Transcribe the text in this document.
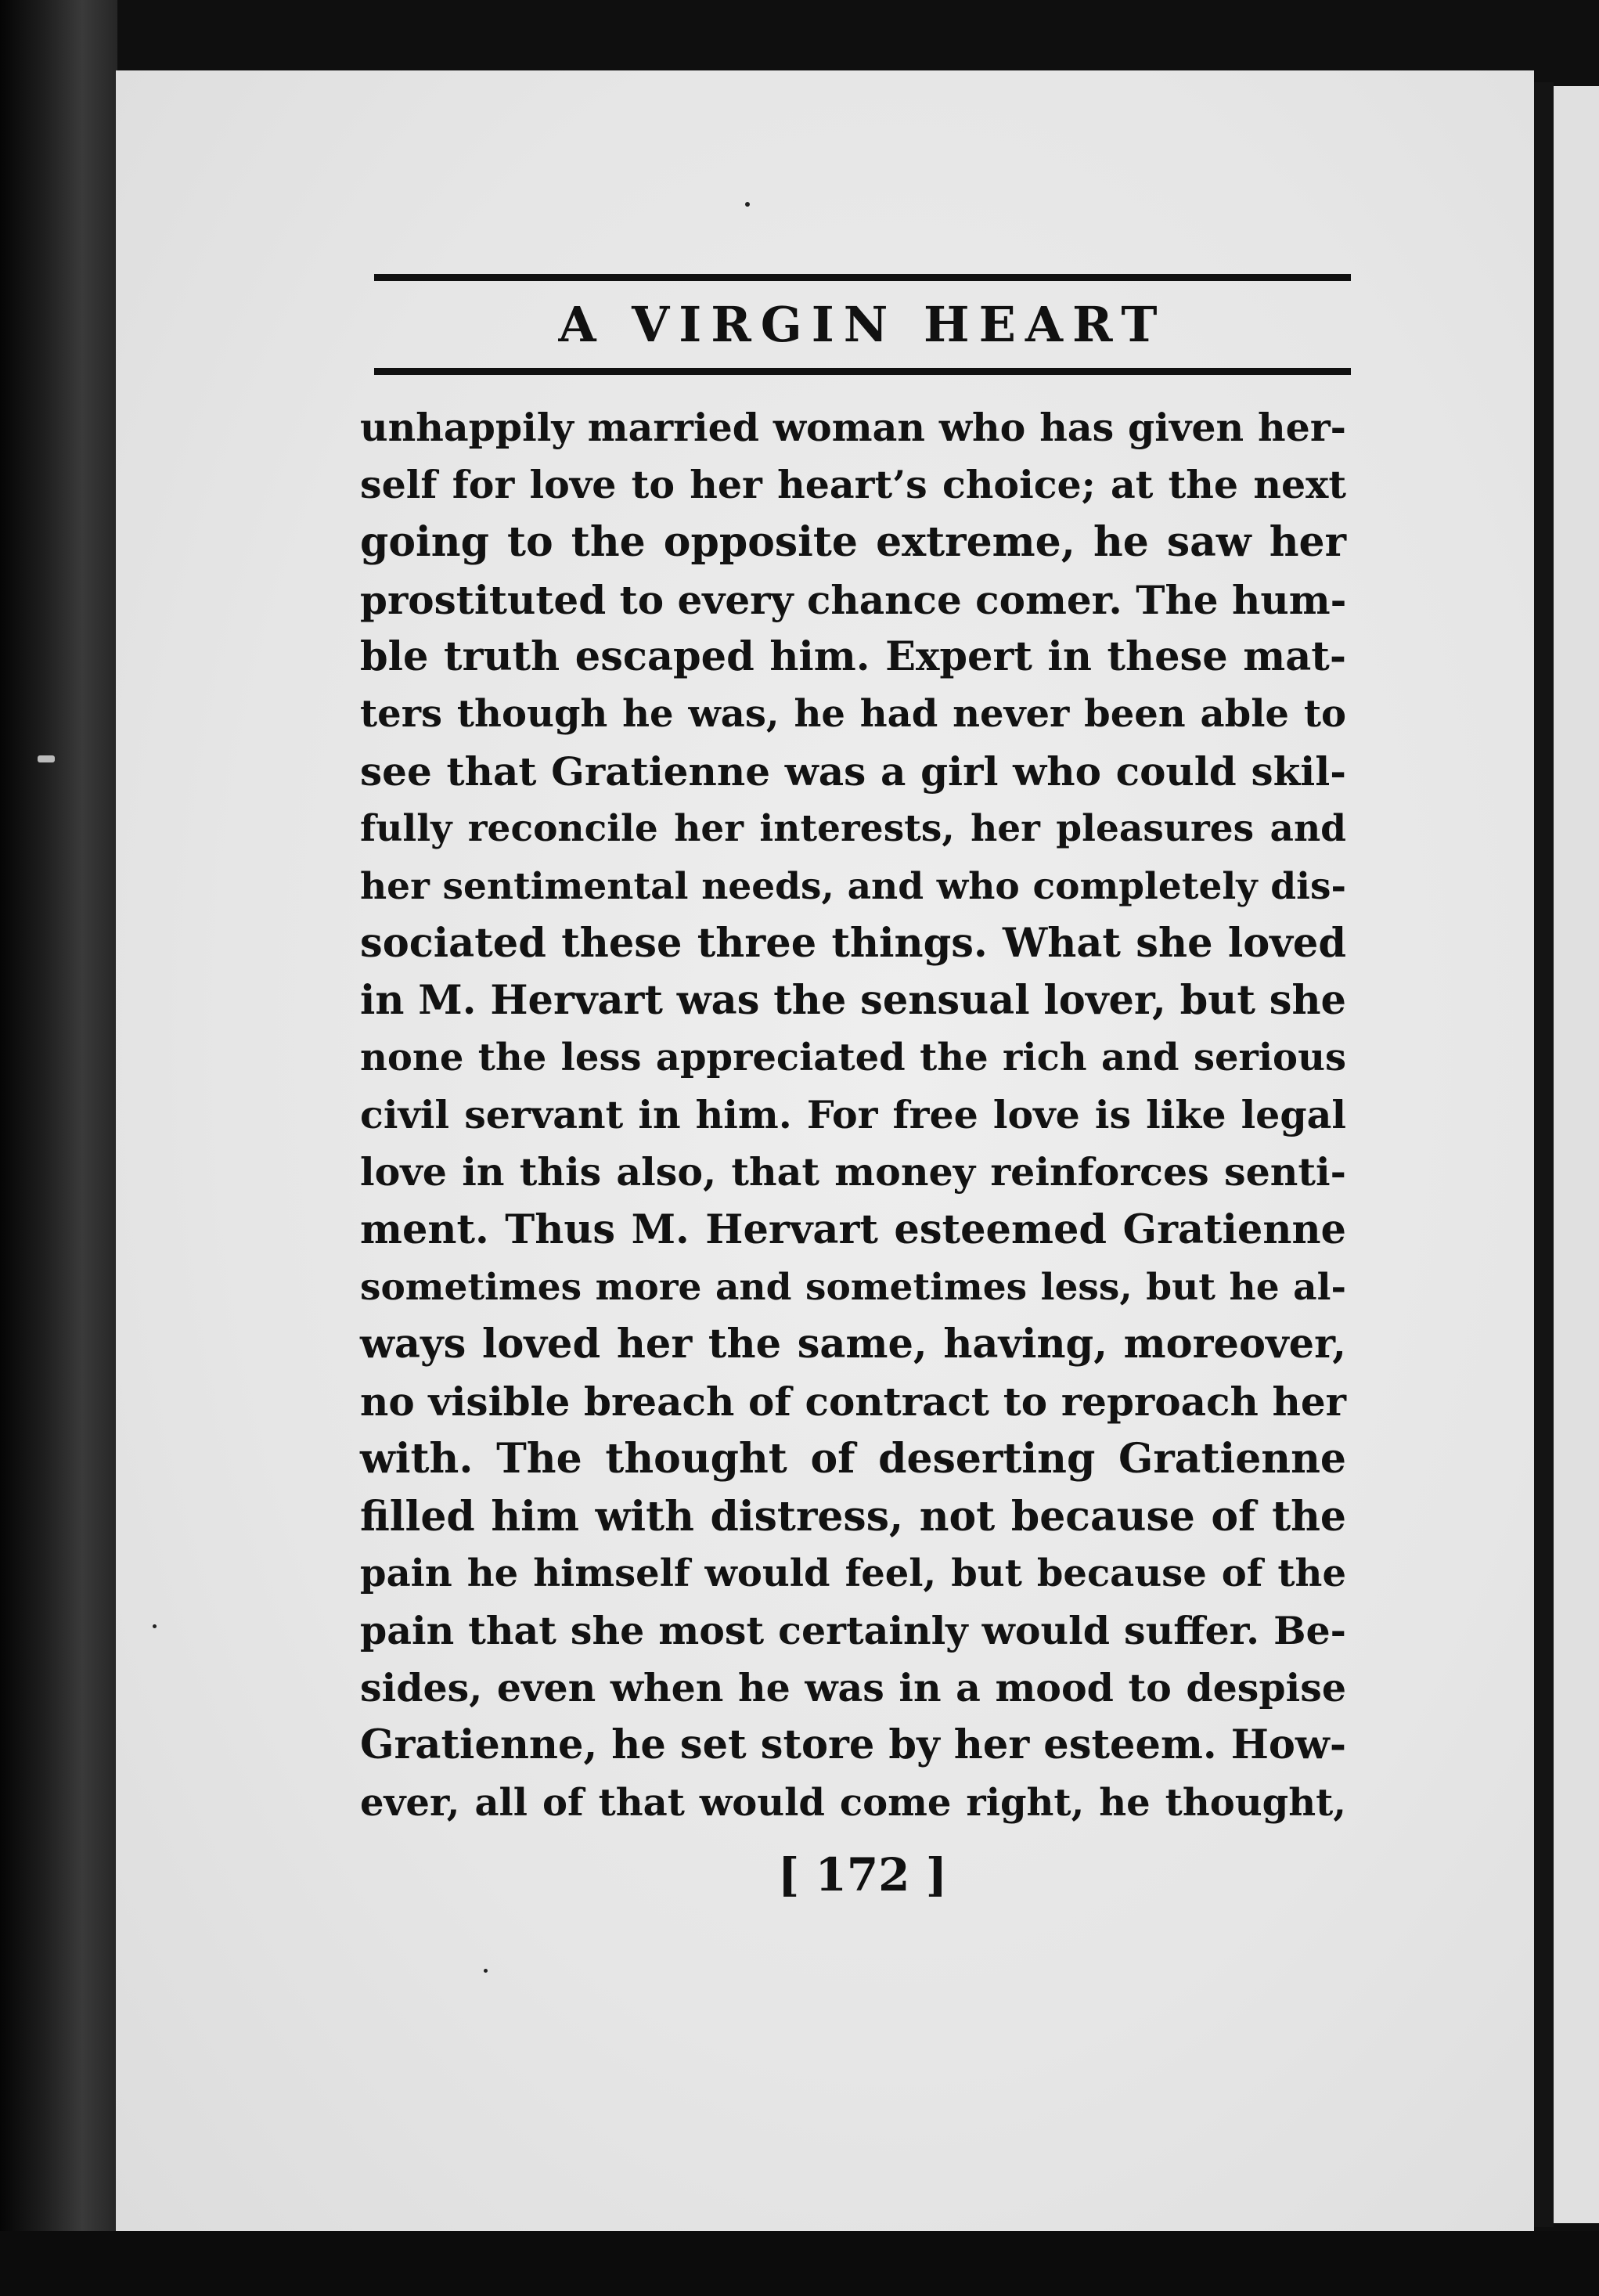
A VIRGIN HEART
unhappily married woman who has given her-
self for love to her heart’s choice; at the next
going to the opposite extreme, he saw her
prostituted to every chance comer. The hum-
ble truth escaped him. Expert in these mat-
ters though he was, he had never been able to
see that Gratienne was a girl who could skil-
fully reconcile her interests, her pleasures and
her sentimental needs, and who completely dis-
sociated these three things. What she loved
in M. Hervart was the sensual lover, but she
none the less appreciated the rich and serious
civil servant in him. For free love is like legal
love in this also, that money reinforces senti-
ment. Thus M. Hervart esteemed Gratienne
sometimes more and sometimes less, but he al-
ways loved her the same, having, moreover,
no visible breach of contract to reproach her
with. The thought of deserting Gratienne
filled him with distress, not because of the
pain he himself would feel, but because of the
pain that she most certainly would suffer. Be-
sides, even when he was in a mood to despise
Gratienne, he set store by her esteem. How-
ever, all of that would come right, he thought,
[ 172 ]
